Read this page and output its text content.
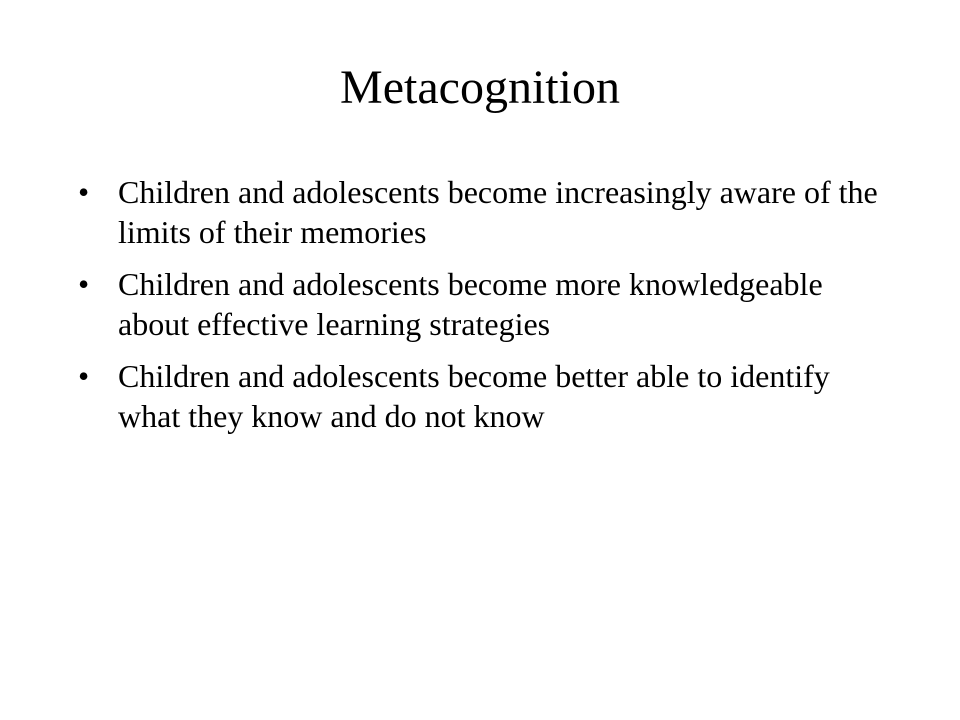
Metacognition
• Children and adolescents become increasingly aware of the limits of their memories
• Children and adolescents become more knowledgeable about effective learning strategies
• Children and adolescents become better able to identify what they know and do not know
